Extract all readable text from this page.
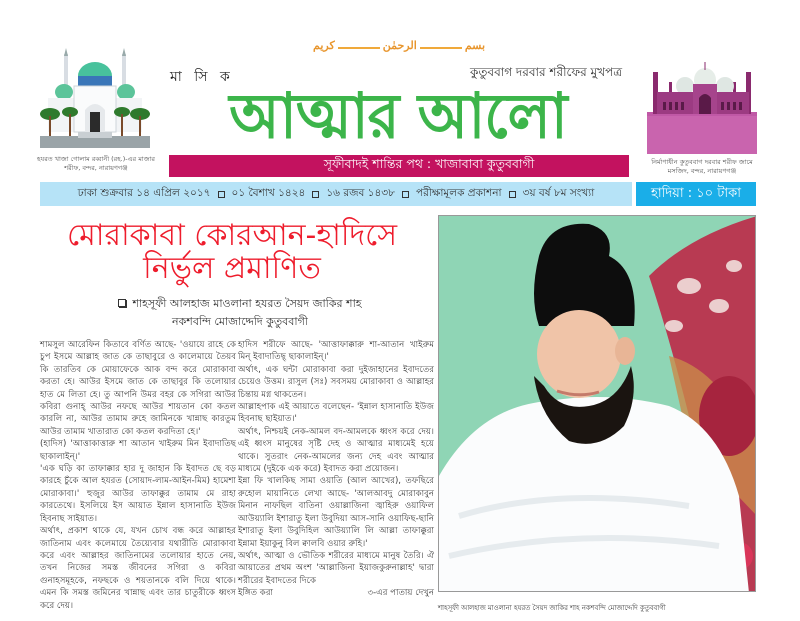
ﮐﺮﯾﻢ	ﺍﻟﺮﺣﻤٰﻦ	ﺑﺴﻢ
হযরত খাজা গোলাম রব্বানী (রহ.)-এর মাজার শরীফ, বন্দর, নারায়ণগঞ্জ
নির্মাণাধীন কুতুববাগ দরবার শরীফ জামে মসজিদ, বন্দর, নারায়ণগঞ্জ
মা সি ক	কুতুববাগ দরবার শরীফের মুখপত্র
আত্মার আলো
সূফীবাদই শান্তির পথ : খাজাবাবা কুতুববাগী
ঢাকা শুক্রবার ১৪ এপ্রিল ২০১৭ ০১ বৈশাখ ১৪২৪ ১৬ রজব ১৪৩৮ পরীক্ষামূলক প্রকাশনা ৩য় বর্ষ ৮ম সংখ্যা	হাদিয়া : ১০ টাকা
মোরাকাবা কোরআন-হাদিসে
নির্ভুল প্রমাণিত
শাহসূফী আলহাজ মাওলানা হযরত সৈয়দ জাকির শাহ
নকশবন্দি মোজাদ্দেদি কুতুববাগী

শামসুল আরেফিন কিতাবে বর্ণিত আছে- 'ওয়াযে রাহে কে চুপ ইসমে আল্লাহ জাত কে তাছাবুরে ও কালেমায়ে তৈয়ব কি তারতিব কে মোয়াফেকে আক বন্দ করে মোরাকাবা করতা হে। আউর ইসমে জাত কে তাছাবুর কি তলোয়ার হাত মে লিতা হে। তু আপনি উমর বহর কে সগিরা আউর কবিরা গুনাহ্ আউর নফছে আউর শায়তান কো কতল কারলি না, আউর তামাম রুহে জামিনকে খান্নাছ কারতুম আউর তামাম খাতারাত কো কতল করদিতা হে।'

(হাদিস) 'আত্তাকাত্তারু শা আতান খাইরুম মিন ইবাদাতিছ ছাকালাইন্।'

'এক ঘড়ি কা তাফাক্কার হার দু জাহান কি ইবাদত ছে বড় কারহে চুঁকে আল হযরত (সোয়াদ-লাম-আইন-মিম) হামেশা মোরাকাবা।' হুজুর আউর তাফাক্কুর তামাম মে রাহা কারতেথে। ইসলিয়ে ইস আয়াত ইন্নাল হাসানাতি ইউজ হিবনাছ সাইয়াত।

অর্থাৎ, প্রকাশ থাকে যে, যখন চোখ বন্ধ করে আল্লাহর জাতিনাম এবং কলেমায়ে তৈয়্যেবার যথারীতি মোরাকাবা করে এবং আল্লাহর জাতিনামের তলোয়ার হাতে নেয়, তখন নিজের সমস্ত জীবনের সগিরা ও কবিরা গুনাহসমূহকে, নফছকে ও শয়তানকে বলি দিয়ে থাকে। এমন কি সমস্ত জমিনের খান্নাছ এবং তার চাতুরীকে ধ্বংস করে দেয়।

হাদিস শরীফে আছে- 'আত্তাফাক্কারু শা-আতান খাইরুম মিন্ ইবাদাতিছ্ ছাকালাইন্।'

অর্থাৎ, এক ঘন্টা মোরাকাবা করা দুইজাহানের ইবাদতের চেয়েও উত্তম। রাসুল (সঃ) সবসময় মোরাকাবা ও আল্লাহর চিন্তায় মগ্ন থাকতেন।

আল্লাহপাক এই আয়াতে বলেছেন- 'ইন্নাল হাসানাতি ইউজ হিবনাছ ছাইয়াত।'

অর্থাৎ, নিশ্চয়ই নেক-আমল বদ-আমলকে ধ্বংস করে দেয়। এই ধ্বংস মানুষের সৃষ্টি দেহ ও আত্মার মাধ্যমেই হয়ে থাকে। সুতরাং নেক-আমলের জন্য দেহ এবং আত্মার মাধ্যমে (দুইকে এক করে) ইবাদত করা প্রয়োজন।

ইন্না ফি খালকিছ সামা ওয়াতি (আল আখের), তফছিরে রুহোল মায়ানিতে লেখা আছে- 'আলআবদু মোরাকাবুন মিনান নাফছিল বাতিনা ওয়াল্লাজিনা জ্বাহিরু ওয়াফিল আউয়্যালি ইশারাতু ইলা উবুদিয়া আস-সানি ওয়াফিছ-ছানি ইশারাতু ইলা উবুদিহিল আউয়্যালি লি আল্লা তাফাক্কুরা ইন্নামা ইয়াকুনু বিল ক্বালবি ওয়ার রুহি।'

অর্থাৎ, আত্মা ও ভৌতিক শরীরের মাধ্যমে মানুষ তৈরি। ঐ আয়াতের প্রথম অংশ 'আল্লাজিনা ইয়াজকুরুনাল্লাহ' দ্বারা শরীরের ইবাদতের দিকে

ইঙ্গিত করা	৩-এর পাতায় দেখুন

শাহসূফী আলহাজ মাওলানা হযরত সৈয়দ জাকির শাহ নকশবন্দি মোজাদ্দেদি কুতুববাগী
